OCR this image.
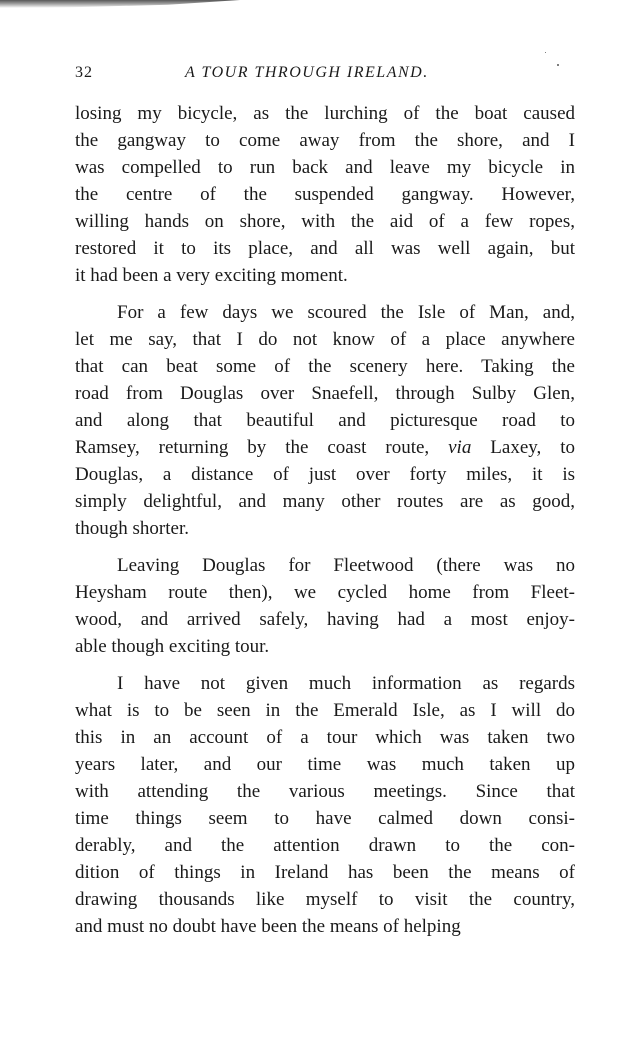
32	A TOUR THROUGH IRELAND.
losing my bicycle, as the lurching of the boat caused
the gangway to come away from the shore, and I
was compelled to run back and leave my bicycle in
the centre of the suspended gangway. However,
willing hands on shore, with the aid of a few ropes,
restored it to its place, and all was well again, but
it had been a very exciting moment.
For a few days we scoured the Isle of Man, and,
let me say, that I do not know of a place anywhere
that can beat some of the scenery here. Taking the
road from Douglas over Snaefell, through Sulby Glen,
and along that beautiful and picturesque road to
Ramsey, returning by the coast route, via Laxey, to
Douglas, a distance of just over forty miles, it is
simply delightful, and many other routes are as good,
though shorter.
Leaving Douglas for Fleetwood (there was no
Heysham route then), we cycled home from Fleet-
wood, and arrived safely, having had a most enjoy-
able though exciting tour.
I have not given much information as regards
what is to be seen in the Emerald Isle, as I will do
this in an account of a tour which was taken two
years later, and our time was much taken up
with attending the various meetings. Since that
time things seem to have calmed down consi-
derably, and the attention drawn to the con-
dition of things in Ireland has been the means of
drawing thousands like myself to visit the country,
and must no doubt have been the means of helping
